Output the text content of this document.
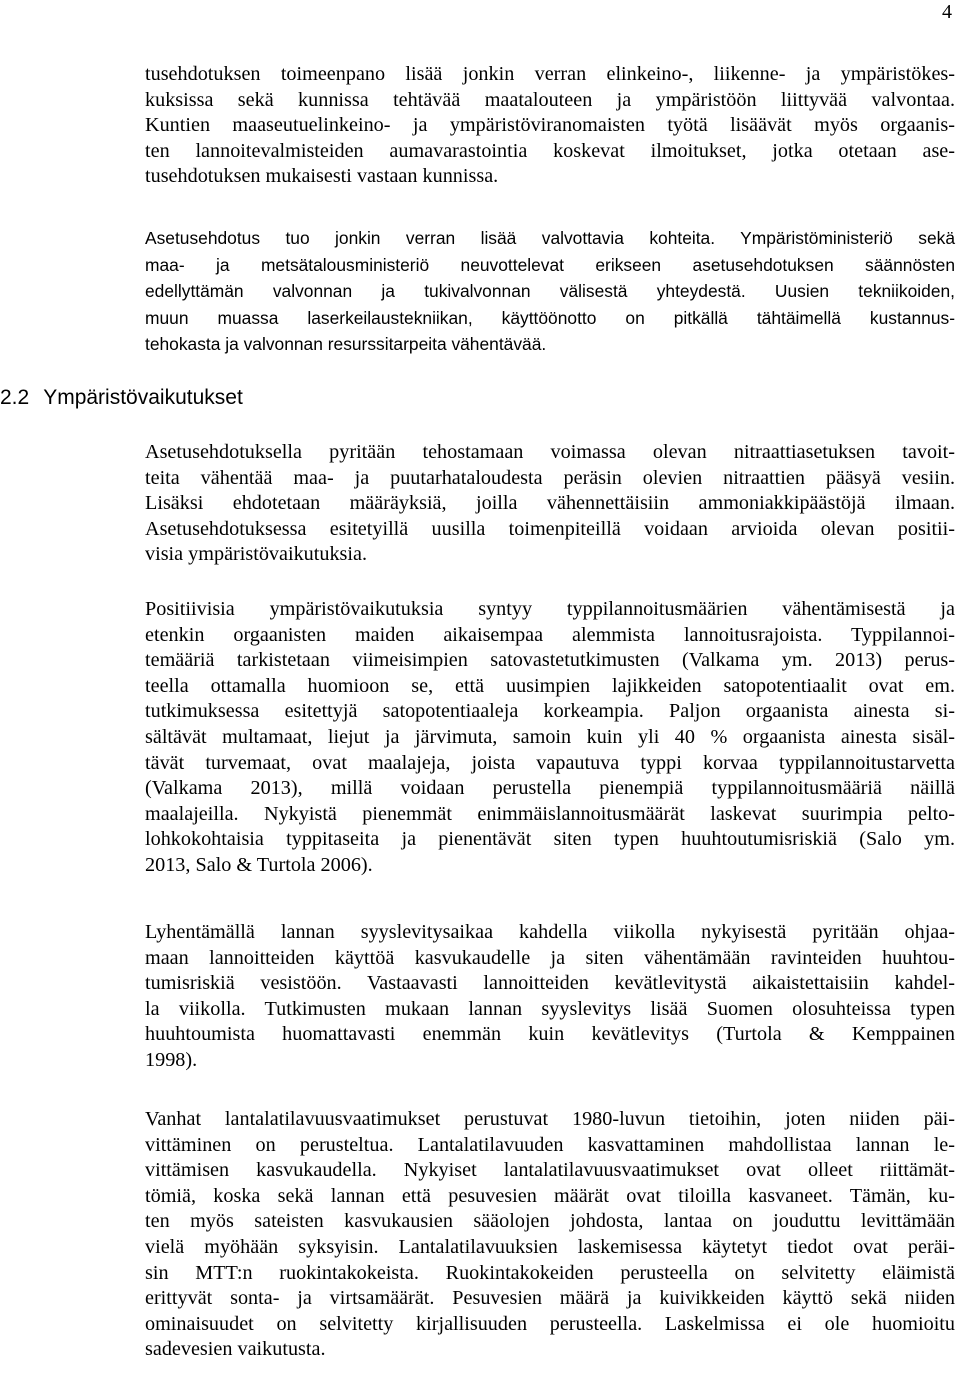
4
tusehdotuksen toimeenpano lisää jonkin verran elinkeino-, liikenne- ja ympäristökes-
kuksissa sekä kunnissa tehtävää maatalouteen ja ympäristöön liittyvää valvontaa.
Kuntien maaseutuelinkeino- ja ympäristöviranomaisten työtä lisäävät myös orgaanis-
ten lannoitevalmisteiden aumavarastointia koskevat ilmoitukset, jotka otetaan ase-
tusehdotuksen mukaisesti vastaan kunnissa.
Asetusehdotus tuo jonkin verran lisää valvottavia kohteita. Ympäristöministeriö sekä
maa- ja metsätalousministeriö neuvottelevat erikseen asetusehdotuksen säännösten
edellyttämän valvonnan ja tukivalvonnan välisestä yhteydestä. Uusien tekniikoiden,
muun muassa laserkeilaustekniikan, käyttöönotto on pitkällä tähtäimellä kustannus-
tehokasta ja valvonnan resurssitarpeita vähentävää.
2.2 Ympäristövaikutukset
Asetusehdotuksella pyritään tehostamaan voimassa olevan nitraattiasetuksen tavoit-
teita vähentää maa- ja puutarhataloudesta peräsin olevien nitraattien pääsyä vesiin.
Lisäksi ehdotetaan määräyksiä, joilla vähennettäisiin ammoniakkipäästöjä ilmaan.
Asetusehdotuksessa esitetyillä uusilla toimenpiteillä voidaan arvioida olevan positii-
visia ympäristövaikutuksia.
Positiivisia ympäristövaikutuksia syntyy typpilannoitusmäärien vähentämisestä ja
etenkin orgaanisten maiden aikaisempaa alemmista lannoitusrajoista. Typpilannoi-
temääriä tarkistetaan viimeisimpien satovastetutkimusten (Valkama ym. 2013) perus-
teella ottamalla huomioon se, että uusimpien lajikkeiden satopotentiaalit ovat em.
tutkimuksessa esitettyjä satopotentiaaleja korkeampia. Paljon orgaanista ainesta si-
sältävät multamaat, liejut ja järvimuta, samoin kuin yli 40 % orgaanista ainesta sisäl-
tävät turvemaat, ovat maalajeja, joista vapautuva typpi korvaa typpilannoitustarvetta
(Valkama 2013), millä voidaan perustella pienempiä typpilannoitusmääriä näillä
maalajeilla. Nykyistä pienemmät enimmäislannoitusmäärät laskevat suurimpia pelto-
lohkokohtaisia typpitaseita ja pienentävät siten typen huuhtoutumisriskiä (Salo ym.
2013, Salo & Turtola 2006).
Lyhentämällä lannan syyslevitysaikaa kahdella viikolla nykyisestä pyritään ohjaa-
maan lannoitteiden käyttöä kasvukaudelle ja siten vähentämään ravinteiden huuhtou-
tumisriskiä vesistöön. Vastaavasti lannoitteiden kevätlevitystä aikaistettaisiin kahdel-
la viikolla. Tutkimusten mukaan lannan syyslevitys lisää Suomen olosuhteissa typen
huuhtoumista huomattavasti enemmän kuin kevätlevitys (Turtola & Kemppainen
1998).
Vanhat lantalatilavuusvaatimukset perustuvat 1980-luvun tietoihin, joten niiden päi-
vittäminen on perusteltua. Lantalatilavuuden kasvattaminen mahdollistaa lannan le-
vittämisen kasvukaudella. Nykyiset lantalatilavuusvaatimukset ovat olleet riittämät-
tömiä, koska sekä lannan että pesuvesien määrät ovat tiloilla kasvaneet. Tämän, ku-
ten myös sateisten kasvukausien sääolojen johdosta, lantaa on jouduttu levittämään
vielä myöhään syksyisin. Lantalatilavuuksien laskemisessa käytetyt tiedot ovat peräi-
sin MTT:n ruokintakokeista. Ruokintakokeiden perusteella on selvitetty eläimistä
erittyvät sonta- ja virtsamäärät. Pesuvesien määrä ja kuivikkeiden käyttö sekä niiden
ominaisuudet on selvitetty kirjallisuuden perusteella. Laskelmissa ei ole huomioitu
sadevesien vaikutusta.
